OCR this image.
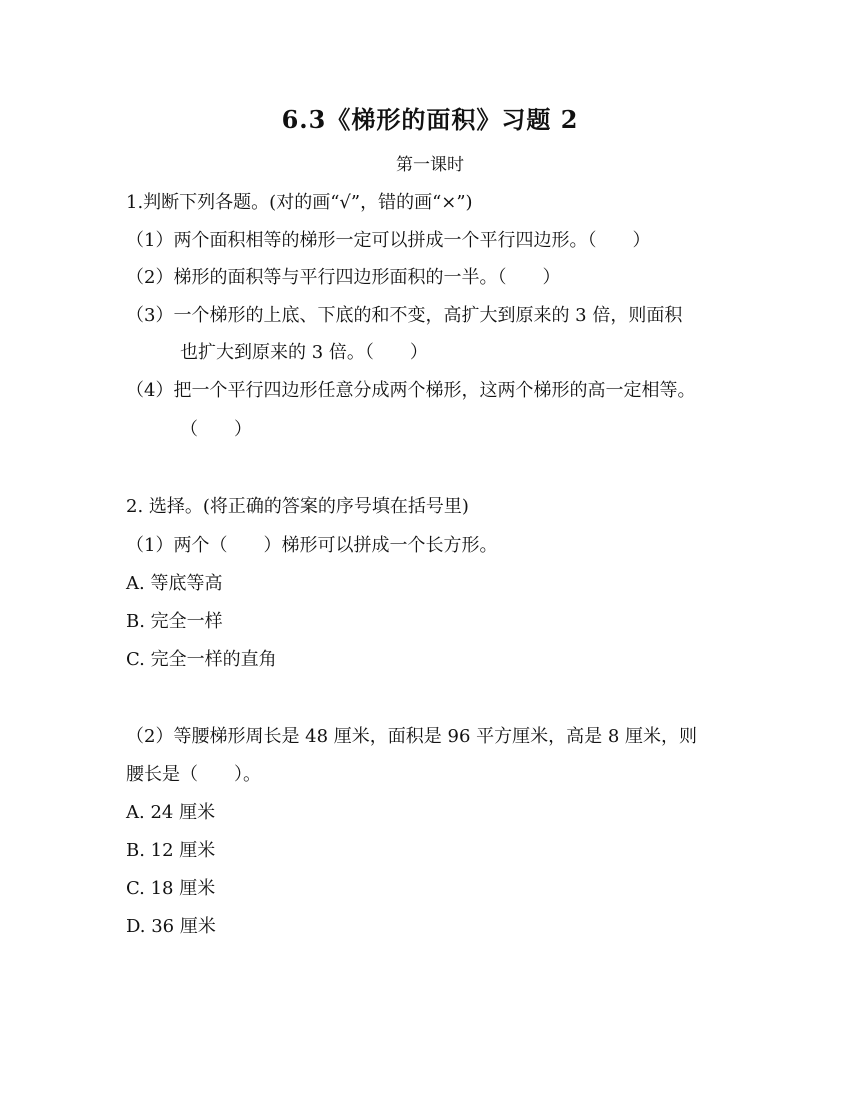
6.3《梯形的面积》习题 2
第一课时
1.判断下列各题。(对的画“√”，错的画“×”)
（1）两个面积相等的梯形一定可以拼成一个平行四边形。（　　）
（2）梯形的面积等与平行四边形面积的一半。（　　）
（3）一个梯形的上底、下底的和不变，高扩大到原来的 3 倍，则面积
也扩大到原来的 3 倍。（　　）
（4）把一个平行四边形任意分成两个梯形，这两个梯形的高一定相等。
（　　）
2. 选择。(将正确的答案的序号填在括号里)
（1）两个（　　）梯形可以拼成一个长方形。
A. 等底等高
B. 完全一样
C. 完全一样的直角
（2）等腰梯形周长是 48 厘米，面积是 96 平方厘米，高是 8 厘米，则
腰长是（　　）。
A. 24 厘米
B. 12 厘米
C. 18 厘米
D. 36 厘米
